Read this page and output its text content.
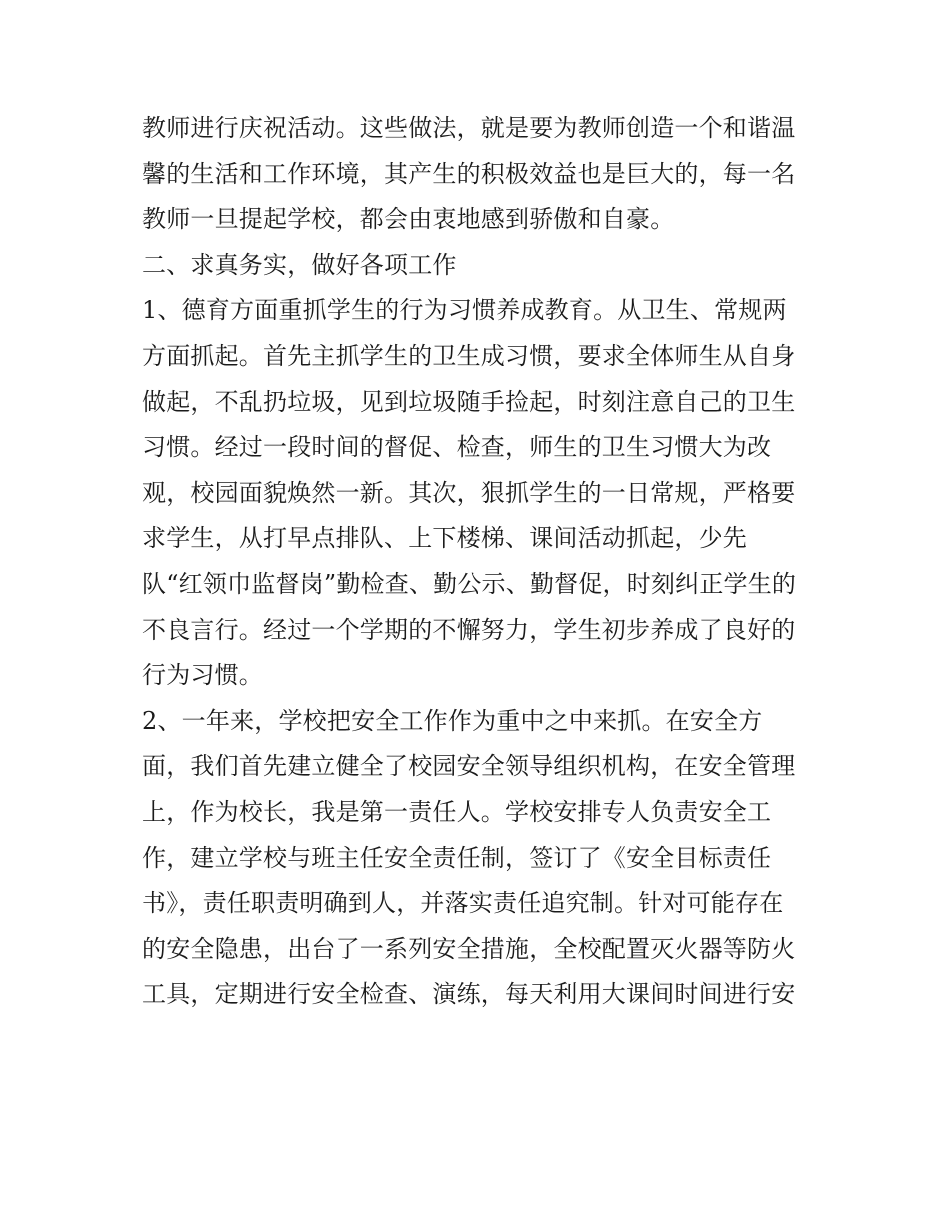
教师进行庆祝活动。这些做法，就是要为教师创造一个和谐温
馨的生活和工作环境，其产生的积极效益也是巨大的，每一名
教师一旦提起学校，都会由衷地感到骄傲和自豪。
二、求真务实，做好各项工作
1、德育方面重抓学生的行为习惯养成教育。从卫生、常规两
方面抓起。首先主抓学生的卫生成习惯，要求全体师生从自身
做起，不乱扔垃圾，见到垃圾随手捡起，时刻注意自己的卫生
习惯。经过一段时间的督促、检查，师生的卫生习惯大为改
观，校园面貌焕然一新。其次，狠抓学生的一日常规，严格要
求学生，从打早点排队、上下楼梯、课间活动抓起，少先
队“红领巾监督岗”勤检查、勤公示、勤督促，时刻纠正学生的
不良言行。经过一个学期的不懈努力，学生初步养成了良好的
行为习惯。
2、一年来，学校把安全工作作为重中之中来抓。在安全方
面，我们首先建立健全了校园安全领导组织机构，在安全管理
上，作为校长，我是第一责任人。学校安排专人负责安全工
作，建立学校与班主任安全责任制，签订了《安全目标责任
书》，责任职责明确到人，并落实责任追究制。针对可能存在
的安全隐患，出台了一系列安全措施，全校配置灭火器等防火
工具，定期进行安全检查、演练，每天利用大课间时间进行安
